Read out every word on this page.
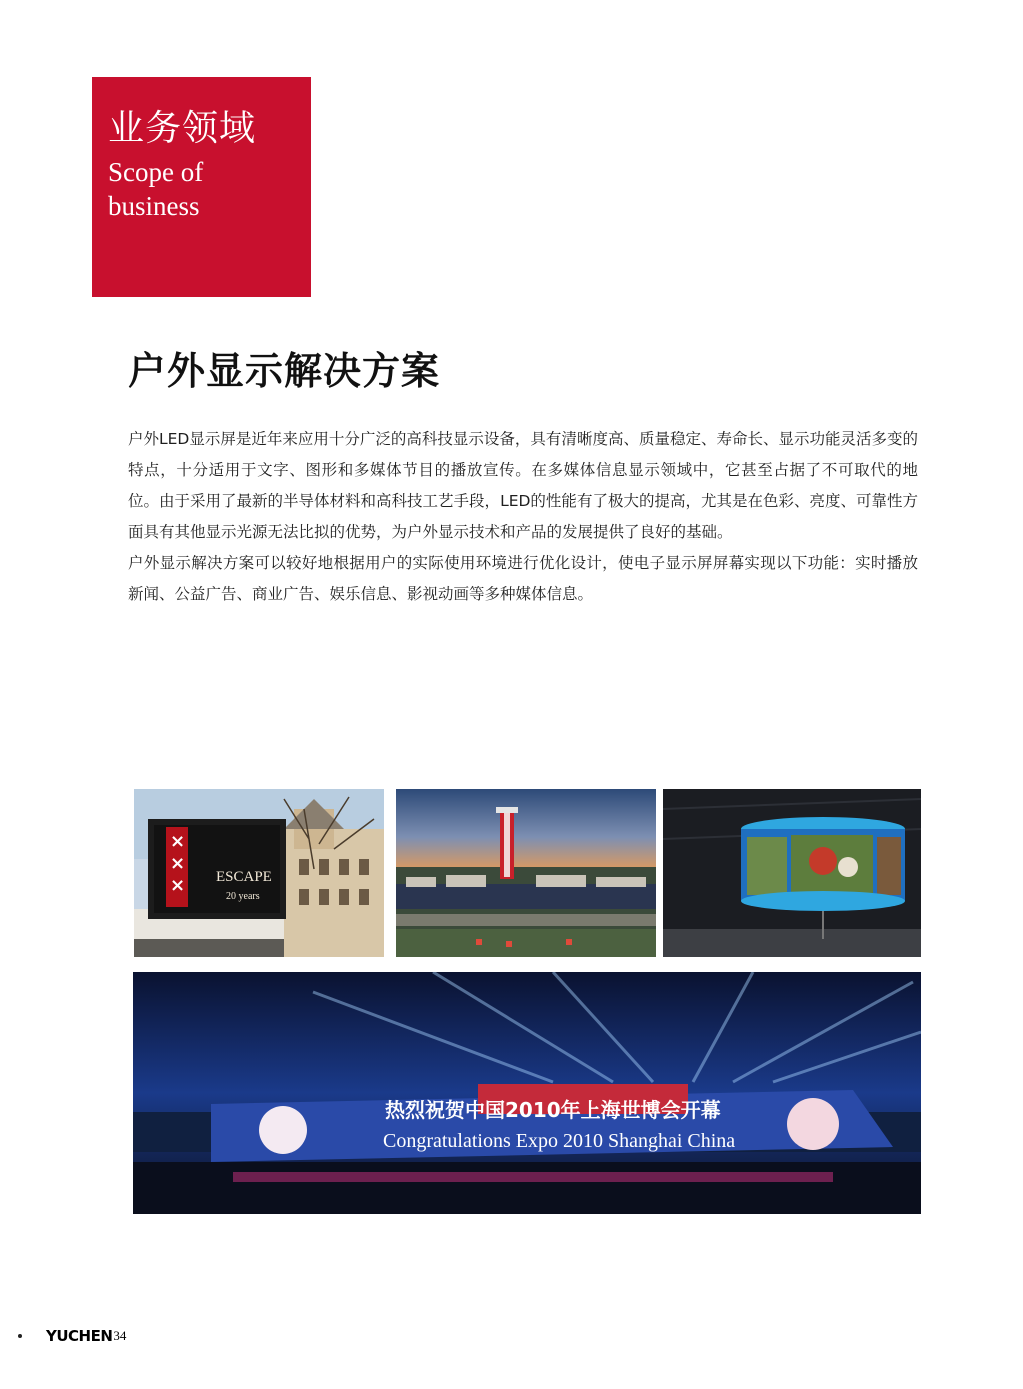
业务领域
Scope of business
户外显示解决方案

户外LED显示屏是近年来应用十分广泛的高科技显示设备，具有清晰度高、质量稳定、寿命长、显示功能灵活多变的特点，十分适用于文字、图形和多媒体节目的播放宣传。在多媒体信息显示领域中，它甚至占据了不可取代的地位。由于采用了最新的半导体材料和高科技工艺手段，LED的性能有了极大的提高，尤其是在色彩、亮度、可靠性方面具有其他显示光源无法比拟的优势，为户外显示技术和产品的发展提供了良好的基础。

户外显示解决方案可以较好地根据用户的实际使用环境进行优化设计，使电子显示屏屏幕实现以下功能：实时播放新闻、公益广告、商业广告、娱乐信息、影视动画等多种媒体信息。

×
×
× ESCAPE
20 years
热烈祝贺中国2010年上海世博会开幕
Congratulations Expo 2010 Shanghai China
YUCHEN 34
